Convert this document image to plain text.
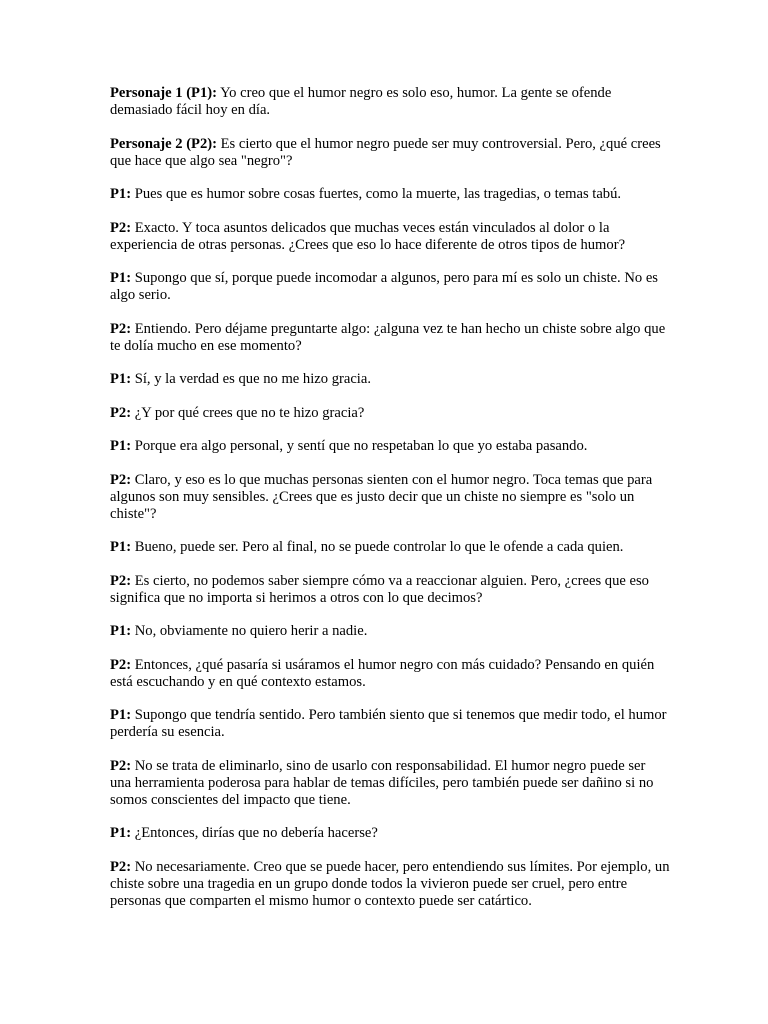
Personaje 1 (P1): Yo creo que el humor negro es solo eso, humor. La gente se ofende demasiado fácil hoy en día.

Personaje 2 (P2): Es cierto que el humor negro puede ser muy controversial. Pero, ¿qué crees que hace que algo sea "negro"?

P1: Pues que es humor sobre cosas fuertes, como la muerte, las tragedias, o temas tabú.

P2: Exacto. Y toca asuntos delicados que muchas veces están vinculados al dolor o la experiencia de otras personas. ¿Crees que eso lo hace diferente de otros tipos de humor?

P1: Supongo que sí, porque puede incomodar a algunos, pero para mí es solo un chiste. No es algo serio.

P2: Entiendo. Pero déjame preguntarte algo: ¿alguna vez te han hecho un chiste sobre algo que te dolía mucho en ese momento?

P1: Sí, y la verdad es que no me hizo gracia.

P2: ¿Y por qué crees que no te hizo gracia?

P1: Porque era algo personal, y sentí que no respetaban lo que yo estaba pasando.

P2: Claro, y eso es lo que muchas personas sienten con el humor negro. Toca temas que para algunos son muy sensibles. ¿Crees que es justo decir que un chiste no siempre es "solo un chiste"?

P1: Bueno, puede ser. Pero al final, no se puede controlar lo que le ofende a cada quien.

P2: Es cierto, no podemos saber siempre cómo va a reaccionar alguien. Pero, ¿crees que eso significa que no importa si herimos a otros con lo que decimos?

P1: No, obviamente no quiero herir a nadie.

P2: Entonces, ¿qué pasaría si usáramos el humor negro con más cuidado? Pensando en quién está escuchando y en qué contexto estamos.

P1: Supongo que tendría sentido. Pero también siento que si tenemos que medir todo, el humor perdería su esencia.

P2: No se trata de eliminarlo, sino de usarlo con responsabilidad. El humor negro puede ser una herramienta poderosa para hablar de temas difíciles, pero también puede ser dañino si no somos conscientes del impacto que tiene.

P1: ¿Entonces, dirías que no debería hacerse?

P2: No necesariamente. Creo que se puede hacer, pero entendiendo sus límites. Por ejemplo, un chiste sobre una tragedia en un grupo donde todos la vivieron puede ser cruel, pero entre personas que comparten el mismo humor o contexto puede ser catártico.
